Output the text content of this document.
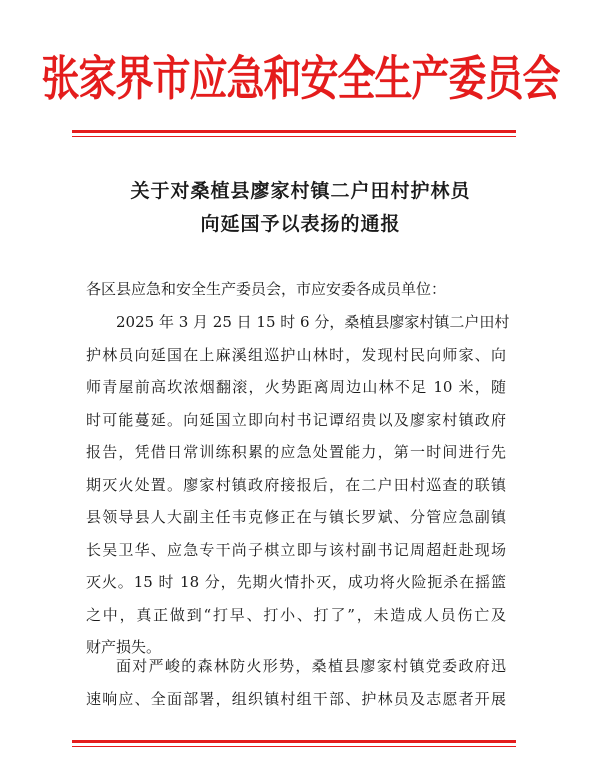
张家界市应急和安全生产委员会
关于对桑植县廖家村镇二户田村护林员
向延国予以表扬的通报
各区县应急和安全生产委员会，市应安委各成员单位：
2025 年 3 月 25 日 15 时 6 分，桑植县廖家村镇二户田村
护林员向延国在上麻溪组巡护山林时，发现村民向师家、向
师青屋前高坎浓烟翻滚，火势距离周边山林不足 10 米，随
时可能蔓延。向延国立即向村书记谭绍贵以及廖家村镇政府
报告，凭借日常训练积累的应急处置能力，第一时间进行先
期灭火处置。廖家村镇政府接报后，在二户田村巡查的联镇
县领导县人大副主任韦克修正在与镇长罗斌、分管应急副镇
长吴卫华、应急专干尚子棋立即与该村副书记周超赶赴现场
灭火。15 时 18 分，先期火情扑灭，成功将火险扼杀在摇篮
之中，真正做到“打早、打小、打了”，未造成人员伤亡及
财产损失。
面对严峻的森林防火形势，桑植县廖家村镇党委政府迅
速响应、全面部署，组织镇村组干部、护林员及志愿者开展
